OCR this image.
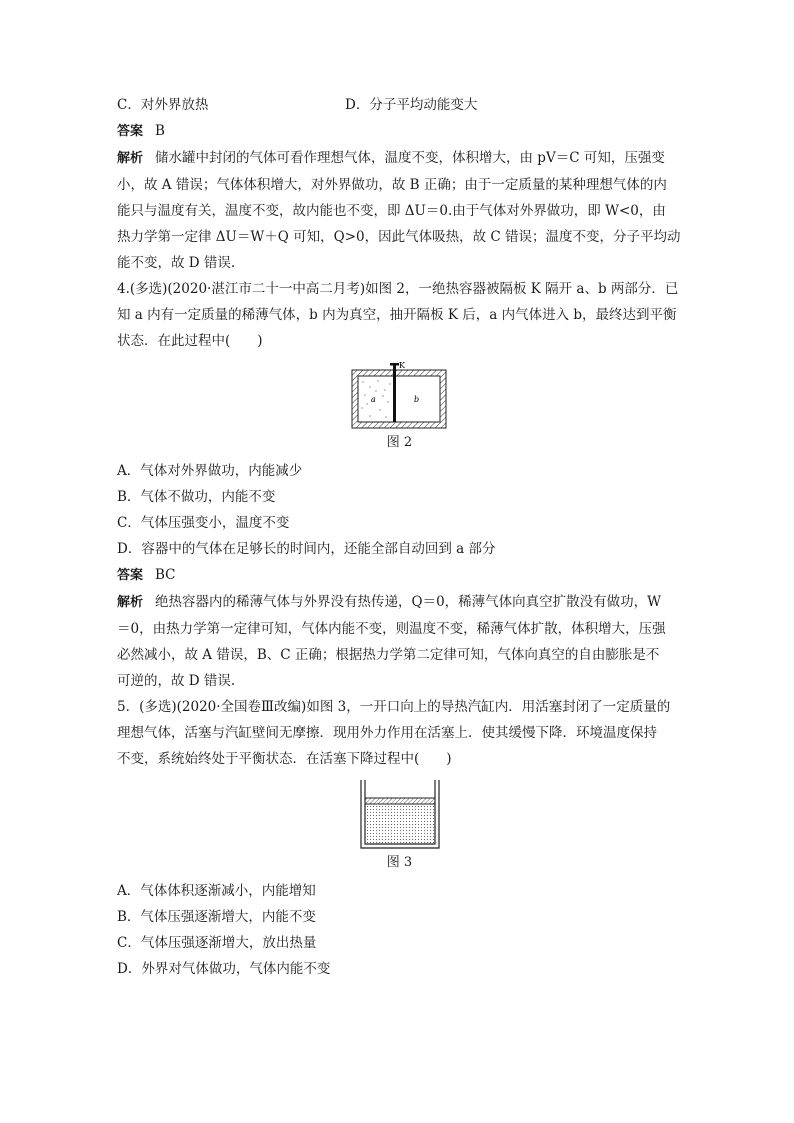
C．对外界放热	D．分子平均动能变大
答案 B
解析 储水罐中封闭的气体可看作理想气体，温度不变，体积增大，由 pV＝C 可知，压强变
小，故 A 错误；气体体积增大，对外界做功，故 B 正确；由于一定质量的某种理想气体的内
能只与温度有关，温度不变，故内能也不变，即 ΔU＝0.由于气体对外界做功，即 W<0，由
热力学第一定律 ΔU＝W＋Q 可知，Q>0，因此气体吸热，故 C 错误；温度不变，分子平均动
能不变，故 D 错误.
4.(多选)(2020·湛江市二十一中高二月考)如图 2，一绝热容器被隔板 K 隔开 a、b 两部分．已
知 a 内有一定质量的稀薄气体，b 内为真空，抽开隔板 K 后，a 内气体进入 b，最终达到平衡
状态．在此过程中(　　)
K
a	b
图 2
A．气体对外界做功，内能减少
B．气体不做功，内能不变
C．气体压强变小，温度不变
D．容器中的气体在足够长的时间内，还能全部自动回到 a 部分
答案 BC
解析 绝热容器内的稀薄气体与外界没有热传递，Q＝0，稀薄气体向真空扩散没有做功，W
＝0，由热力学第一定律可知，气体内能不变，则温度不变，稀薄气体扩散，体积增大，压强
必然减小，故 A 错误，B、C 正确；根据热力学第二定律可知，气体向真空的自由膨胀是不
可逆的，故 D 错误.
5．(多选)(2020·全国卷Ⅲ改编)如图 3，一开口向上的导热汽缸内．用活塞封闭了一定质量的
理想气体，活塞与汽缸壁间无摩擦．现用外力作用在活塞上．使其缓慢下降．环境温度保持
不变，系统始终处于平衡状态．在活塞下降过程中(　　)
图 3
A．气体体积逐渐减小，内能增知
B．气体压强逐渐增大，内能不变
C．气体压强逐渐增大，放出热量
D．外界对气体做功，气体内能不变
